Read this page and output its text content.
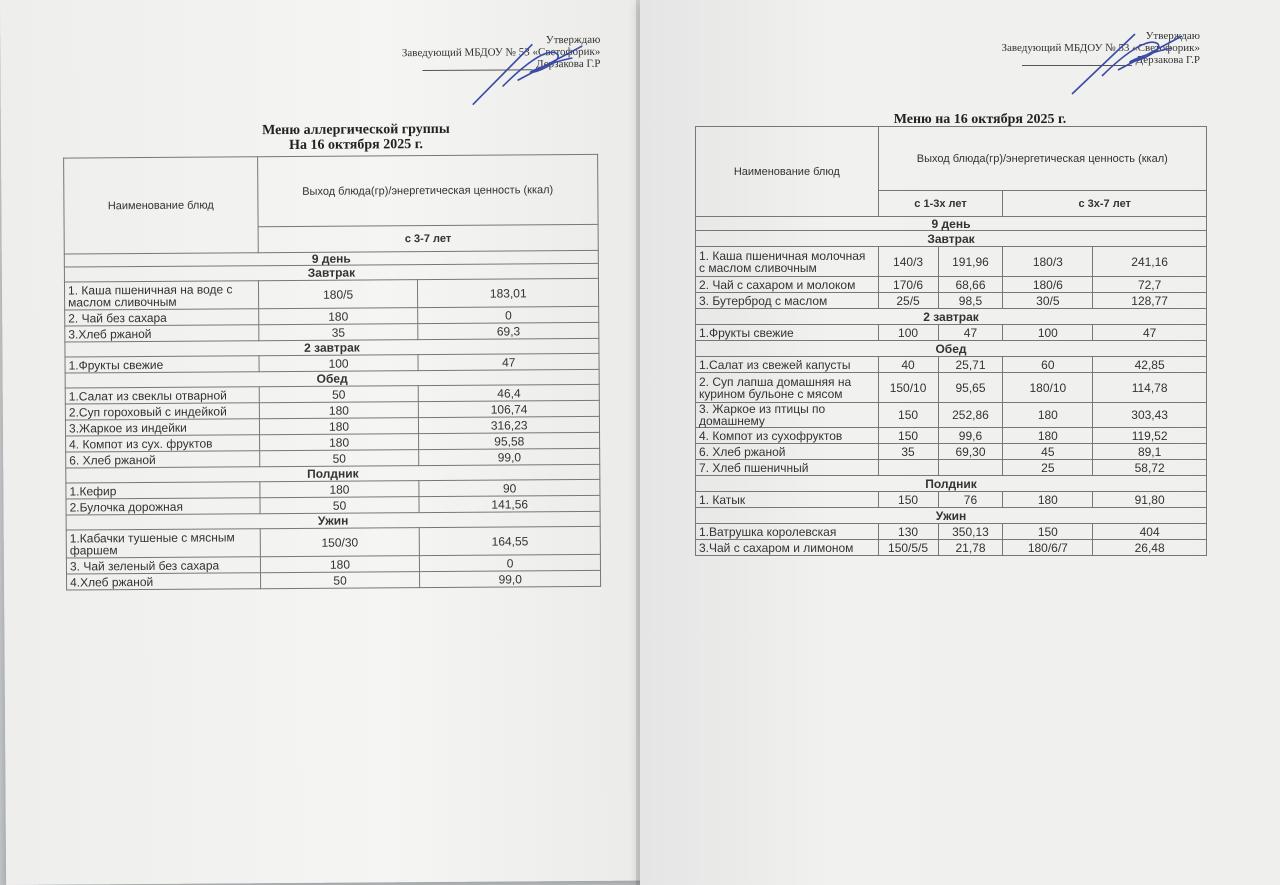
Утверждаю
Заведующий МБДОУ № 53 «Светофорик»
Дерзакова Г.Р
Меню аллергической группы
На 16 октября 2025 г.
Наименование блюд	Выход блюда(гр)/энергетическая ценность (ккал)	
	с 3-7 лет	
9 день		
Завтрак		
1. Каша пшеничная на воде с маслом сливочным	180/5	183,01
2. Чай без сахара	180	0
3.Хлеб ржаной	35	69,3
2 завтрак		
1.Фрукты свежие	100	47
Обед		
1.Салат из свеклы отварной	50	46,4
2.Суп гороховый с индейкой	180	106,74
3.Жаркое из индейки	180	316,23
4. Компот из сух. фруктов	180	95,58
6. Хлеб ржаной	50	99,0
Полдник		
1.Кефир	180	90
2.Булочка дорожная	50	141,56
Ужин		
1.Кабачки тушеные с мясным фаршем	150/30	164,55
3. Чай зеленый без сахара	180	0
4.Хлеб ржаной	50	99,0
Утверждаю
Заведующий МБДОУ № 53 «Светофорик»
Дерзакова Г.Р
Меню на 16 октября 2025 г.
Наименование блюд	Выход блюда(гр)/энергетическая ценность (ккал)			
	с 1-3х лет		с 3х-7 лет	
9 день				
Завтрак				
1. Каша пшеничная молочная с маслом сливочным	140/3	191,96	180/3	241,16
2. Чай с сахаром и молоком	170/6	68,66	180/6	72,7
3. Бутерброд с маслом	25/5	98,5	30/5	128,77
2 завтрак				
1.Фрукты свежие	100	47	100	47
Обед				
1.Салат из свежей капусты	40	25,71	60	42,85
2. Суп лапша домашняя на курином бульоне с мясом	150/10	95,65	180/10	114,78
3. Жаркое из птицы по домашнему	150	252,86	180	303,43
4. Компот из сухофруктов	150	99,6	180	119,52
6. Хлеб ржаной	35	69,30	45	89,1
7. Хлеб пшеничный			25	58,72
Полдник				
1. Катык	150	76	180	91,80
Ужин				
1.Ватрушка королевская	130	350,13	150	404
3.Чай с сахаром и лимоном	150/5/5	21,78	180/6/7	26,48
